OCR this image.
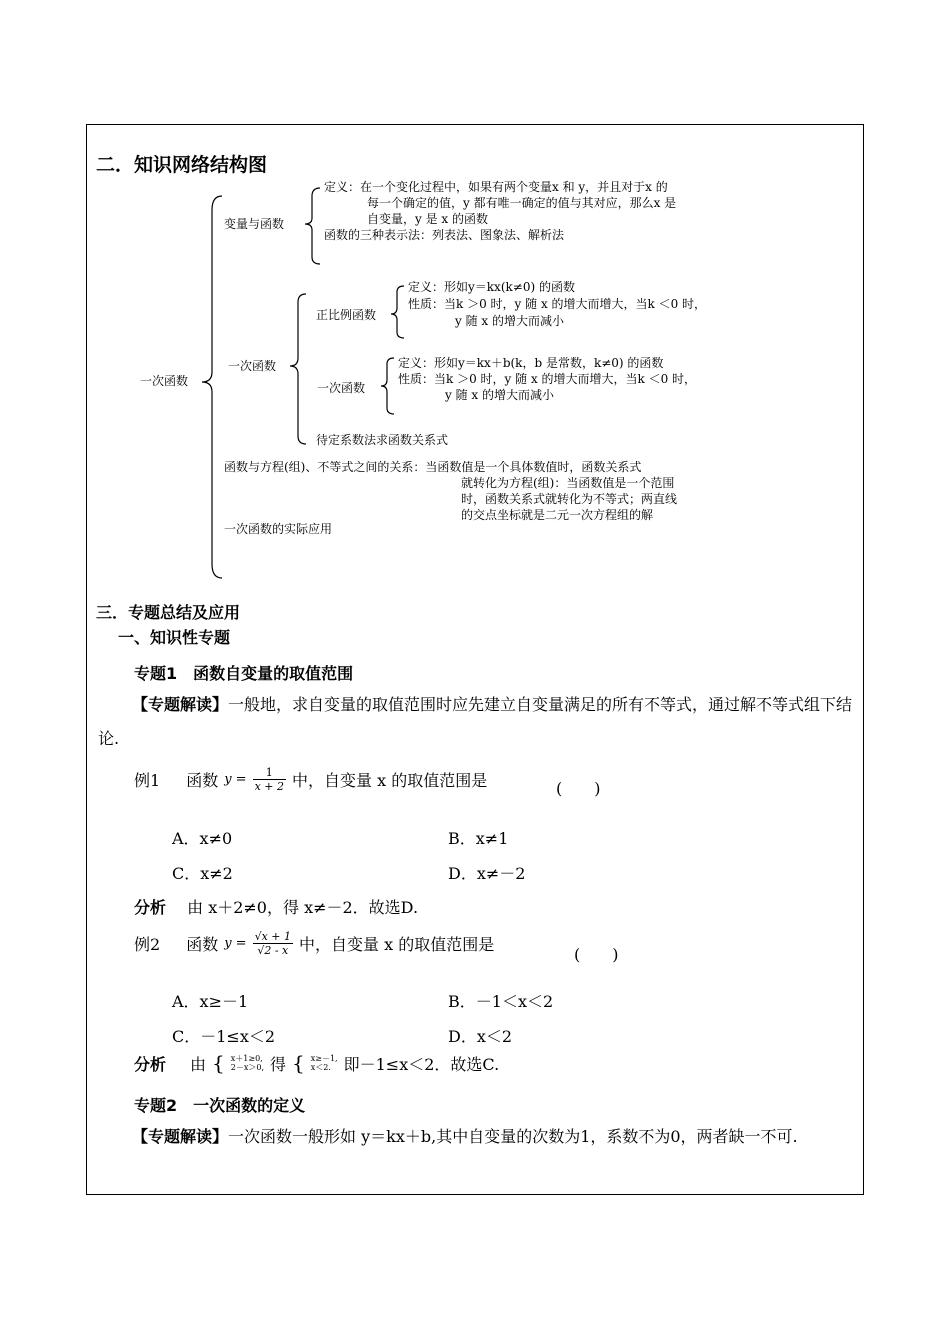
二．知识网络结构图
一次函数
变量与函数
定义：在一个变化过程中，如果有两个变量x 和 y，并且对于x 的
每一个确定的值，y 都有唯一确定的值与其对应，那么x 是
自变量，y 是 x 的函数
函数的三种表示法：列表法、图象法、解析法
一次函数
正比例函数
定义：形如y＝kx(k≠0) 的函数
性质：当k ＞0 时，y 随 x 的增大而增大，当k ＜0 时，
y 随 x 的增大而减小
一次函数
定义：形如y＝kx＋b(k，b 是常数，k≠0) 的函数
性质：当k ＞0 时，y 随 x 的增大而增大，当k ＜0 时，
y 随 x 的增大而减小
待定系数法求函数关系式
函数与方程(组)、不等式之间的关系：当函数值是一个具体数值时，函数关系式
就转化为方程(组)：当函数值是一个范围
时，函数关系式就转化为不等式；两直线
的交点坐标就是二元一次方程组的解
一次函数的实际应用
三．专题总结及应用
一、知识性专题
专题1　函数自变量的取值范围
【专题解读】一般地，求自变量的取值范围时应先建立自变量满足的所有不等式，通过解不等式组下结论.
例1 函数 $y = \frac{1}{x + 2}$ 中，自变量 x 的取值范围是	(　　)
A．x≠0	B．x≠1
C．x≠2	D．x≠－2
分析 由 x＋2≠0，得 x≠－2．故选D.
例2 函数 $y = \frac{√x + 1}{√2 - x}$ 中，自变量 x 的取值范围是
(　　)
A．x≥－1	B．－1＜x＜2
C．－1≤x＜2	D．x＜2
分析 由 { x＋1≥0,
2－x＞0, 得 { x≥－1,
x＜2. 即－1≤x＜2．故选C.
专题2　一次函数的定义
【专题解读】一次函数一般形如 y＝kx＋b,其中自变量的次数为1，系数不为0，两者缺一不可.
